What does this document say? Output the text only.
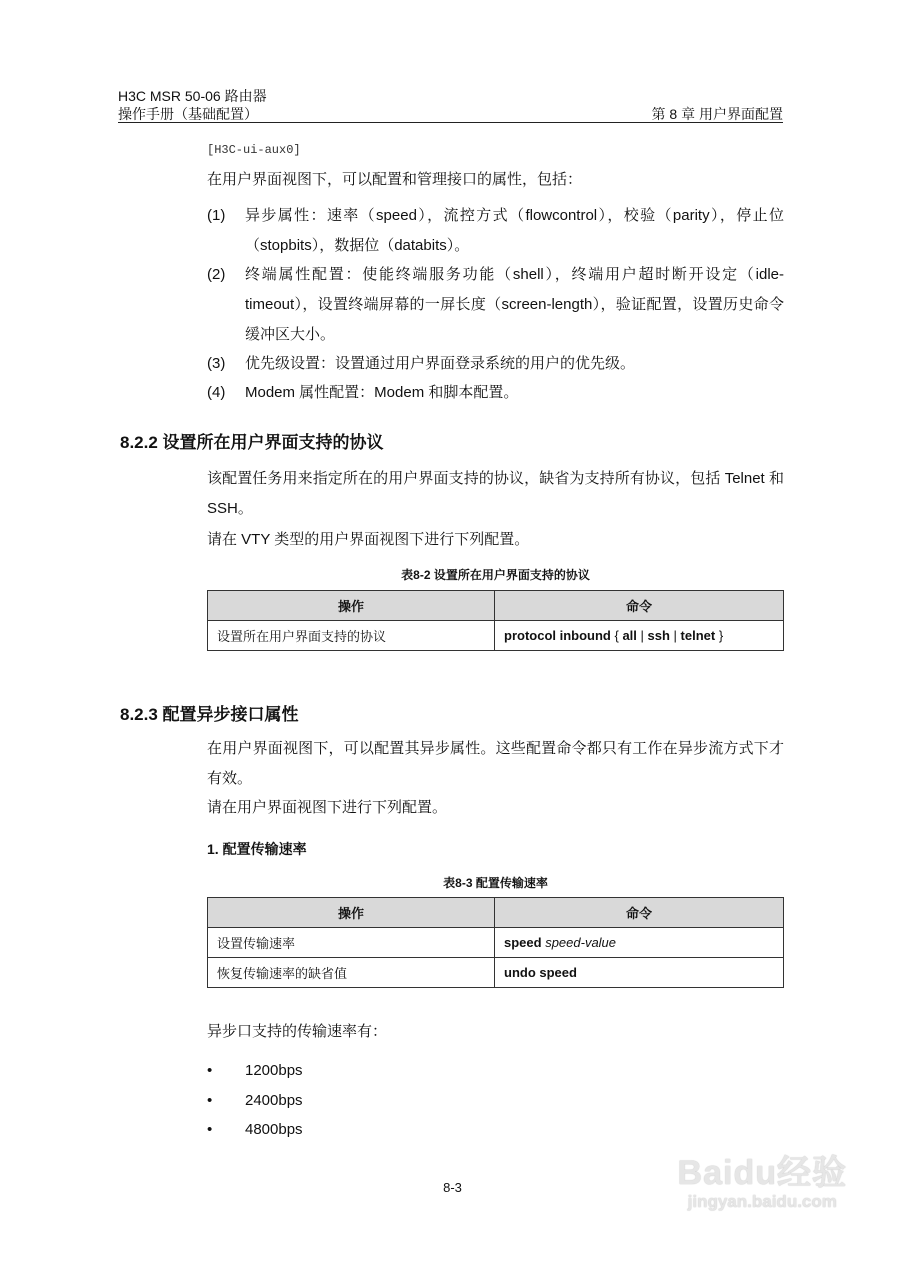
H3C MSR 50-06 路由器
操作手册（基础配置）	第 8 章 用户界面配置
[H3C-ui-aux0]
在用户界面视图下，可以配置和管理接口的属性，包括：
(1)	异步属性：速率（speed），流控方式（flowcontrol），校验（parity），停止位（stopbits），数据位（databits）。
(2)	终端属性配置：使能终端服务功能（shell），终端用户超时断开设定（idle-timeout），设置终端屏幕的一屏长度（screen-length），验证配置，设置历史命令缓冲区大小。
(3)	优先级设置：设置通过用户界面登录系统的用户的优先级。
(4)	Modem 属性配置：Modem 和脚本配置。
8.2.2 设置所在用户界面支持的协议
该配置任务用来指定所在的用户界面支持的协议，缺省为支持所有协议，包括 Telnet 和 SSH。
请在 VTY 类型的用户界面视图下进行下列配置。
表8-2 设置所在用户界面支持的协议
操作	命令
设置所在用户界面支持的协议	protocol inbound { all | ssh | telnet }
8.2.3 配置异步接口属性
在用户界面视图下，可以配置其异步属性。这些配置命令都只有工作在异步流方式下才有效。
请在用户界面视图下进行下列配置。
1. 配置传输速率
表8-3 配置传输速率
操作	命令
设置传输速率	speed speed-value
恢复传输速率的缺省值	undo speed
异步口支持的传输速率有：
• 1200bps
• 2400bps
• 4800bps
8-3	Baidu经验
jingyan.baidu.com
